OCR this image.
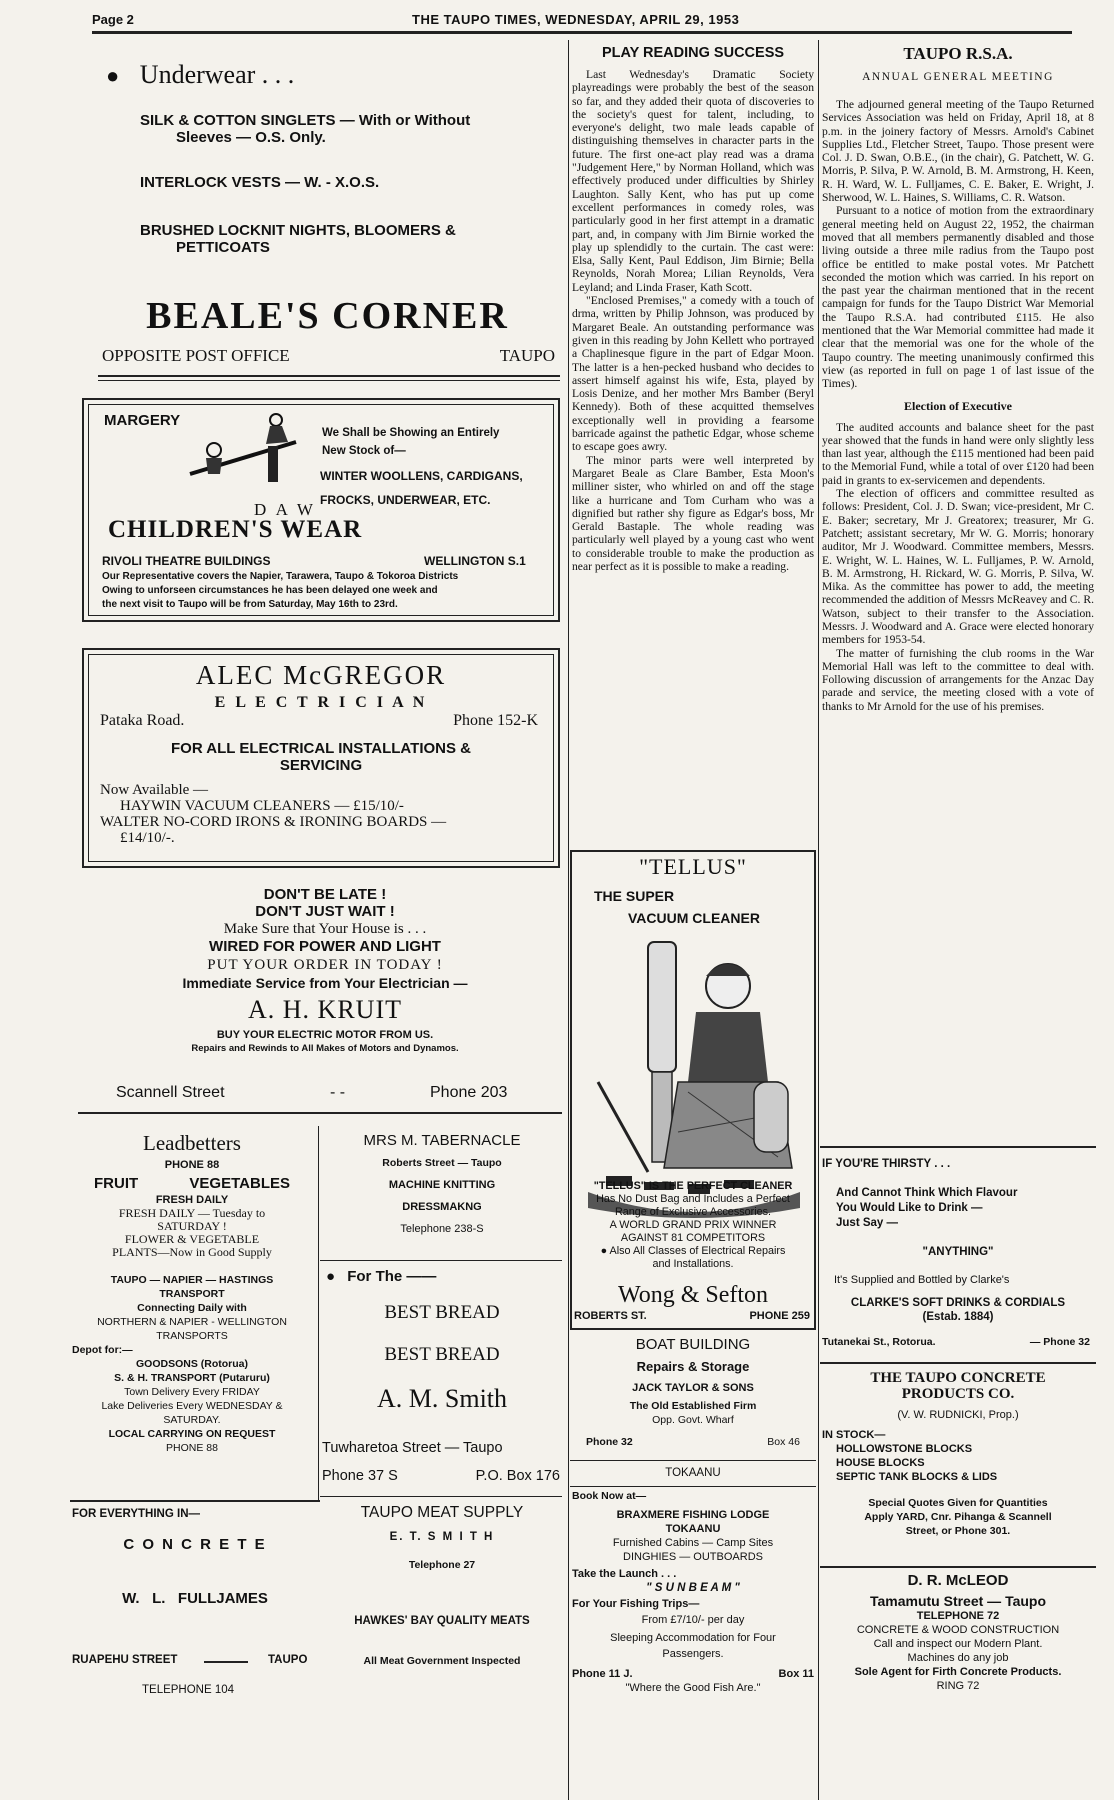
Page 2	THE TAUPO TIMES, WEDNESDAY, APRIL 29, 1953
● Underwear . . .
SILK & COTTON SINGLETS — With or Without
Sleeves — O.S. Only.
INTERLOCK VESTS — W. - X.O.S.
BRUSHED LOCKNIT NIGHTS, BLOOMERS &
PETTICOATS
BEALE'S CORNER
OPPOSITE POST OFFICE	TAUPO
MARGERY
We Shall be Showing an Entirely
New Stock of—
WINTER WOOLLENS, CARDIGANS,
FROCKS, UNDERWEAR, ETC.
D A W
CHILDREN'S WEAR
RIVOLI THEATRE BUILDINGS	WELLINGTON S.1
Our Representative covers the Napier, Tarawera, Taupo & Tokoroa Districts
Owing to unforseen circumstances he has been delayed one week and
the next visit to Taupo will be from Saturday, May 16th to 23rd.
ALEC McGREGOR
E L E C T R I C I A N
Pataka Road.	Phone 152-K
FOR ALL ELECTRICAL INSTALLATIONS &
SERVICING
Now Available —
HAYWIN VACUUM CLEANERS — £15/10/-
WALTER NO-CORD IRONS & IRONING BOARDS —
£14/10/-.
DON'T BE LATE !
DON'T JUST WAIT !
Make Sure that Your House is . . .
WIRED FOR POWER AND LIGHT
PUT YOUR ORDER IN TODAY !
Immediate Service from Your Electrician —
A. H. KRUIT
BUY YOUR ELECTRIC MOTOR FROM US.
Repairs and Rewinds to All Makes of Motors and Dynamos.
Scannell Street	- -	Phone 203
Leadbetters
PHONE 88
FRUIT	VEGETABLES
FRESH DAILY
FRESH DAILY — Tuesday to
SATURDAY !
FLOWER & VEGETABLE
PLANTS—Now in Good Supply
TAUPO — NAPIER — HASTINGS
TRANSPORT
Connecting Daily with
NORTHERN & NAPIER - WELLINGTON
TRANSPORTS
Depot for:—
GOODSONS (Rotorua)
S. & H. TRANSPORT (Putaruru)
Town Delivery Every FRIDAY
Lake Deliveries Every WEDNESDAY &
SATURDAY.
LOCAL CARRYING ON REQUEST
PHONE 88
FOR EVERYTHING IN—
C O N C R E T E
W.   L.   FULLJAMES
RUAPEHU STREET	TAUPO
TELEPHONE 104
MRS M. TABERNACLE
Roberts Street — Taupo
MACHINE KNITTING
DRESSMAKNG
Telephone 238-S
● For The ——
BEST BREAD
BEST BREAD
A. M. Smith
Tuwharetoa Street — Taupo
Phone 37 S	P.O. Box 176
TAUPO MEAT SUPPLY
E. T. S M I T H
Telephone 27
HAWKES' BAY QUALITY MEATS
All Meat Government Inspected
PLAY READING SUCCESS

Last Wednesday's Dramatic Society playreadings were probably the best of the season so far, and they added their quota of discoveries to the society's quest for talent, including, to everyone's delight, two male leads capable of distinguishing themselves in character parts in the future. The first one-act play read was a drama "Judgement Here," by Norman Holland, which was effectively produced under difficulties by Shirley Laughton. Sally Kent, who has put up come excellent performances in comedy roles, was particularly good in her first attempt in a dramatic part, and, in company with Jim Birnie worked the play up splendidly to the curtain. The cast were: Elsa, Sally Kent, Paul Eddison, Jim Birnie; Bella Reynolds, Norah Morea; Lilian Reynolds, Vera Leyland; and Linda Fraser, Kath Scott.

"Enclosed Premises," a comedy with a touch of drma, written by Philip Johnson, was produced by Margaret Beale. An outstanding performance was given in this reading by John Kellett who portrayed a Chaplinesque figure in the part of Edgar Moon. The latter is a hen-pecked husband who decides to assert himself against his wife, Esta, played by Losis Denize, and her mother Mrs Bamber (Beryl Kennedy). Both of these acquitted themselves exceptionally well in providing a fearsome barricade against the pathetic Edgar, whose scheme to escape goes awry.

The minor parts were well interpreted by Margaret Beale as Clare Bamber, Esta Moon's milliner sister, who whirled on and off the stage like a hurricane and Tom Curham who was a dignified but rather shy figure as Edgar's boss, Mr Gerald Bastaple. The whole reading was particularly well played by a young cast who went to considerable trouble to make the production as near perfect as it is possible to make a reading.

"TELLUS"
THE SUPER
VACUUM CLEANER
"TELLUS" IS THE PERFECT CLEANER
Has No Dust Bag and Includes a Perfect
Range of Exclusive Accessories.
A WORLD GRAND PRIX WINNER
AGAINST 81 COMPETITORS
● Also All Classes of Electrical Repairs
and Installations.
Wong & Sefton
ROBERTS ST.	PHONE 259
BOAT BUILDING
Repairs & Storage
JACK TAYLOR & SONS
The Old Established Firm
Opp. Govt. Wharf
Phone 32	Box 46
TOKAANU
Book Now at—
BRAXMERE FISHING LODGE
TOKAANU
Furnished Cabins — Camp Sites
DINGHIES — OUTBOARDS
Take the Launch . . .
" S U N B E A M "
For Your Fishing Trips—
From £7/10/- per day
Sleeping Accommodation for Four
Passengers.
Phone 11 J.	Box 11
"Where the Good Fish Are."
TAUPO R.S.A.
ANNUAL GENERAL MEETING

The adjourned general meeting of the Taupo Returned Services Association was held on Friday, April 18, at 8 p.m. in the joinery factory of Messrs. Arnold's Cabinet Supplies Ltd., Fletcher Street, Taupo. Those present were Col. J. D. Swan, O.B.E., (in the chair), G. Patchett, W. G. Morris, P. Silva, P. W. Arnold, B. M. Armstrong, H. Keen, R. H. Ward, W. L. Fulljames, C. E. Baker, E. Wright, J. Sherwood, W. L. Haines, S. Williams, C. R. Watson.

Pursuant to a notice of motion from the extraordinary general meeting held on August 22, 1952, the chairman moved that all members permanently disabled and those living outside a three mile radius from the Taupo post office be entitled to make postal votes. Mr Patchett seconded the motion which was carried. In his report on the past year the chairman mentioned that in the recent campaign for funds for the Taupo District War Memorial the Taupo R.S.A. had contributed £115. He also mentioned that the War Memorial committee had made it clear that the memorial was one for the whole of the Taupo country. The meeting unanimously confirmed this view (as reported in full on page 1 of last issue of the Times).

Election of Executive

The audited accounts and balance sheet for the past year showed that the funds in hand were only slightly less than last year, although the £115 mentioned had been paid to the Memorial Fund, while a total of over £120 had been paid in grants to ex-servicemen and dependents.

The election of officers and committee resulted as follows: President, Col. J. D. Swan; vice-president, Mr C. E. Baker; secretary, Mr J. Greatorex; treasurer, Mr G. Patchett; assistant secretary, Mr W. G. Morris; honorary auditor, Mr J. Woodward. Committee members, Messrs. E. Wright, W. L. Haines, W. L. Fulljames, P. W. Arnold, B. M. Armstrong, H. Rickard, W. G. Morris, P. Silva, W. Mika. As the committee has power to add, the meeting recommended the addition of Messrs McReavey and C. R. Watson, subject to their transfer to the Association. Messrs. J. Woodward and A. Grace were elected honorary members for 1953-54.

The matter of furnishing the club rooms in the War Memorial Hall was left to the committee to deal with. Following discussion of arrangements for the Anzac Day parade and service, the meeting closed with a vote of thanks to Mr Arnold for the use of his premises.

IF YOU'RE THIRSTY . . .
And Cannot Think Which Flavour
You Would Like to Drink —
Just Say —
"ANYTHING"
It's Supplied and Bottled by Clarke's
CLARKE'S SOFT DRINKS & CORDIALS
(Estab. 1884)
Tutanekai St., Rotorua.	— Phone 32
THE TAUPO CONCRETE
PRODUCTS CO.
(V. W. RUDNICKI, Prop.)
IN STOCK—
HOLLOWSTONE BLOCKS
HOUSE BLOCKS
SEPTIC TANK BLOCKS & LIDS
Special Quotes Given for Quantities
Apply YARD, Cnr. Pihanga & Scannell
Street, or Phone 301.
D. R. McLEOD
Tamamutu Street — Taupo
TELEPHONE 72
CONCRETE & WOOD CONSTRUCTION
Call and inspect our Modern Plant.
Machines do any job
Sole Agent for Firth Concrete Products.
RING 72
